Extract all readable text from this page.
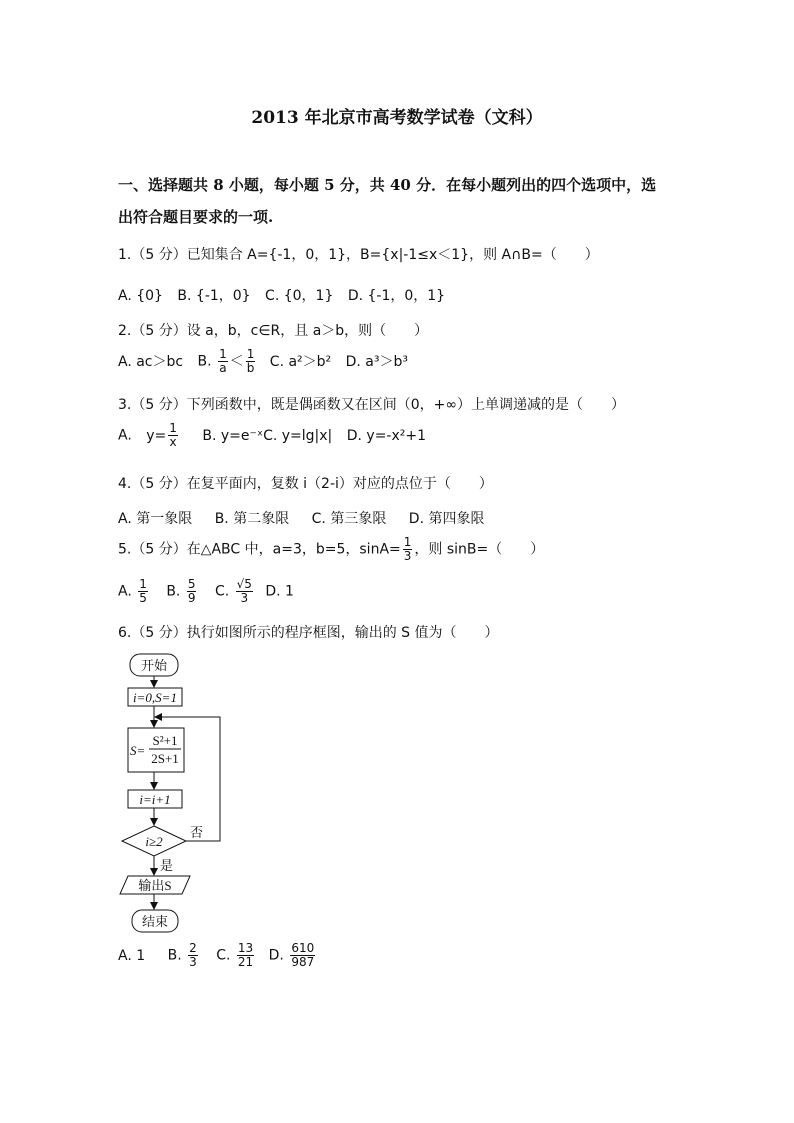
2013 年北京市高考数学试卷（文科）
一、选择题共 8 小题，每小题 5 分，共 40 分．在每小题列出的四个选项中，选
出符合题目要求的一项.
1.（5 分）已知集合 A={-1，0，1}，B={x|-1≤x＜1}，则 A∩B=（　　）
A. {0} B. {-1，0} C. {0，1} D. {-1，0，1}
2.（5 分）设 a，b，c∈R，且 a＞b，则（　　）
A. ac＞bc B. $\frac{1}{a} < \frac{1}{b} C$. a²＞b² D. a³＞b³
3.（5 分）下列函数中，既是偶函数又在区间（0，+∞）上单调递减的是（　　）
A. $y= \frac{1}{x} B$. y=e⁻ˣC. y=lg|x| D. y=-x²+1
4.（5 分）在复平面内，复数 i（2-i）对应的点位于（　　）
A. 第一象限 B. 第二象限 C. 第三象限 D. 第四象限
5.（5 分）在△ABC 中，a=3，b=5，$\sin A= \frac{1}{3}$ ，则 sinB=（　　）
A. $\frac{1}{5} B$. $\frac{5}{9} C$. $\frac{√5}{3} D$. 1
6.（5 分）执行如图所示的程序框图，输出的 S 值为（　　）
开始
i=0,S=1
S=
S²+1
2S+1
i=i+1
i≥2
否
是
输出S
结束
A. 1 B. $\frac{2}{3} C$. $\frac{13}{21} D$. $\frac{610}{987}$
